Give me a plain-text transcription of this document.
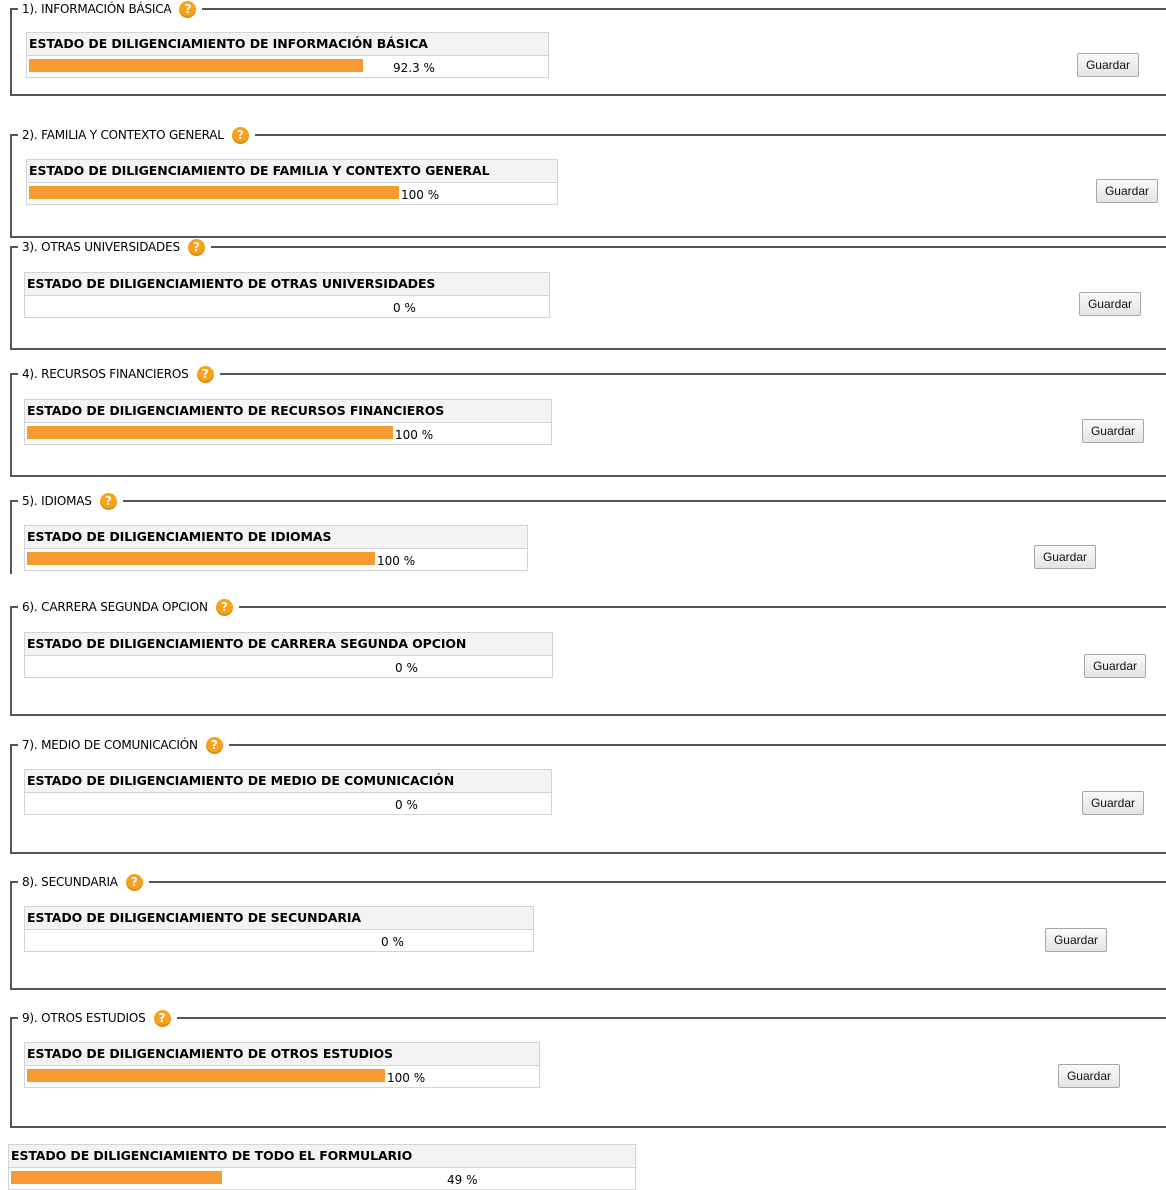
1). INFORMACIÓN BÁSICA	?
ESTADO DE DILIGENCIAMIENTO DE INFORMACIÓN BÁSICA
92.3 %	Guardar
2). FAMILIA Y CONTEXTO GENERAL	?
ESTADO DE DILIGENCIAMIENTO DE FAMILIA Y CONTEXTO GENERAL
100 %	Guardar
3). OTRAS UNIVERSIDADES	?
ESTADO DE DILIGENCIAMIENTO DE OTRAS UNIVERSIDADES
0 %	Guardar
4). RECURSOS FINANCIEROS	?
ESTADO DE DILIGENCIAMIENTO DE RECURSOS FINANCIEROS
100 %	Guardar
5). IDIOMAS	?
ESTADO DE DILIGENCIAMIENTO DE IDIOMAS
100 %	Guardar
6). CARRERA SEGUNDA OPCION	?
ESTADO DE DILIGENCIAMIENTO DE CARRERA SEGUNDA OPCION
0 %	Guardar
7). MEDIO DE COMUNICACIÓN	?
ESTADO DE DILIGENCIAMIENTO DE MEDIO DE COMUNICACIÓN
0 %	Guardar
8). SECUNDARIA	?
ESTADO DE DILIGENCIAMIENTO DE SECUNDARIA
0 %	Guardar
9). OTROS ESTUDIOS	?
ESTADO DE DILIGENCIAMIENTO DE OTROS ESTUDIOS
100 %	Guardar
ESTADO DE DILIGENCIAMIENTO DE TODO EL FORMULARIO
49 %
